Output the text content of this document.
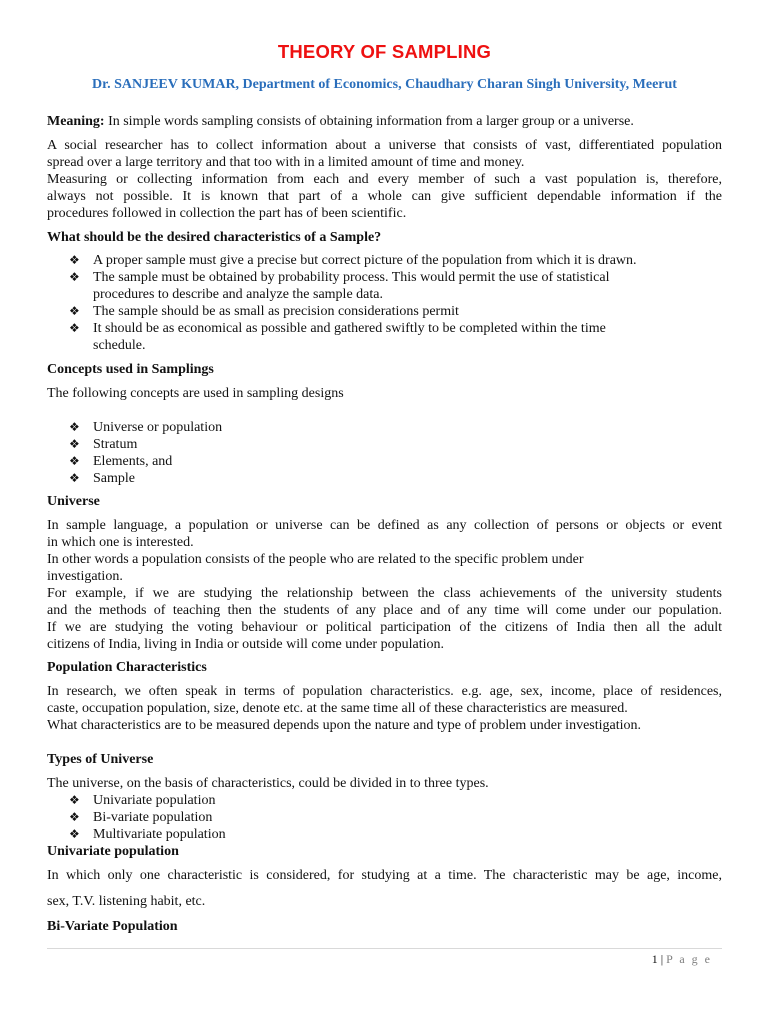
THEORY OF SAMPLING
Dr. SANJEEV KUMAR, Department of Economics, Chaudhary Charan Singh University, Meerut
Meaning: In simple words sampling consists of obtaining information from a larger group or a universe.
A social researcher has to collect information about a universe that consists of vast, differentiated population
spread over a large territory and that too with in a limited amount of time and money.
Measuring or collecting information from each and every member of such a vast population is, therefore,
always not possible. It is known that part of a whole can give sufficient dependable information if the
procedures followed in collection the part has of been scientific.
What should be the desired characteristics of a Sample?
❖ A proper sample must give a precise but correct picture of the population from which it is drawn.
❖ The sample must be obtained by probability process. This would permit the use of statistical
procedures to describe and analyze the sample data.
❖ The sample should be as small as precision considerations permit
❖ It should be as economical as possible and gathered swiftly to be completed within the time
schedule.
Concepts used in Samplings
The following concepts are used in sampling designs
❖ Universe or population
❖ Stratum
❖ Elements, and
❖ Sample
Universe
In sample language, a population or universe can be defined as any collection of persons or objects or event
in which one is interested.
In other words a population consists of the people who are related to the specific problem under
investigation.
For example, if we are studying the relationship between the class achievements of the university students
and the methods of teaching then the students of any place and of any time will come under our population.
If we are studying the voting behaviour or political participation of the citizens of India then all the adult
citizens of India, living in India or outside will come under population.
Population Characteristics
In research, we often speak in terms of population characteristics. e.g. age, sex, income, place of residences,
caste, occupation population, size, denote etc. at the same time all of these characteristics are measured.
What characteristics are to be measured depends upon the nature and type of problem under investigation.
Types of Universe
The universe, on the basis of characteristics, could be divided in to three types.
❖ Univariate population
❖ Bi-variate population
❖ Multivariate population
Univariate population
In which only one characteristic is considered, for studying at a time. The characteristic may be age, income,
sex, T.V. listening habit, etc.
Bi-Variate Population
1 | P a g e
